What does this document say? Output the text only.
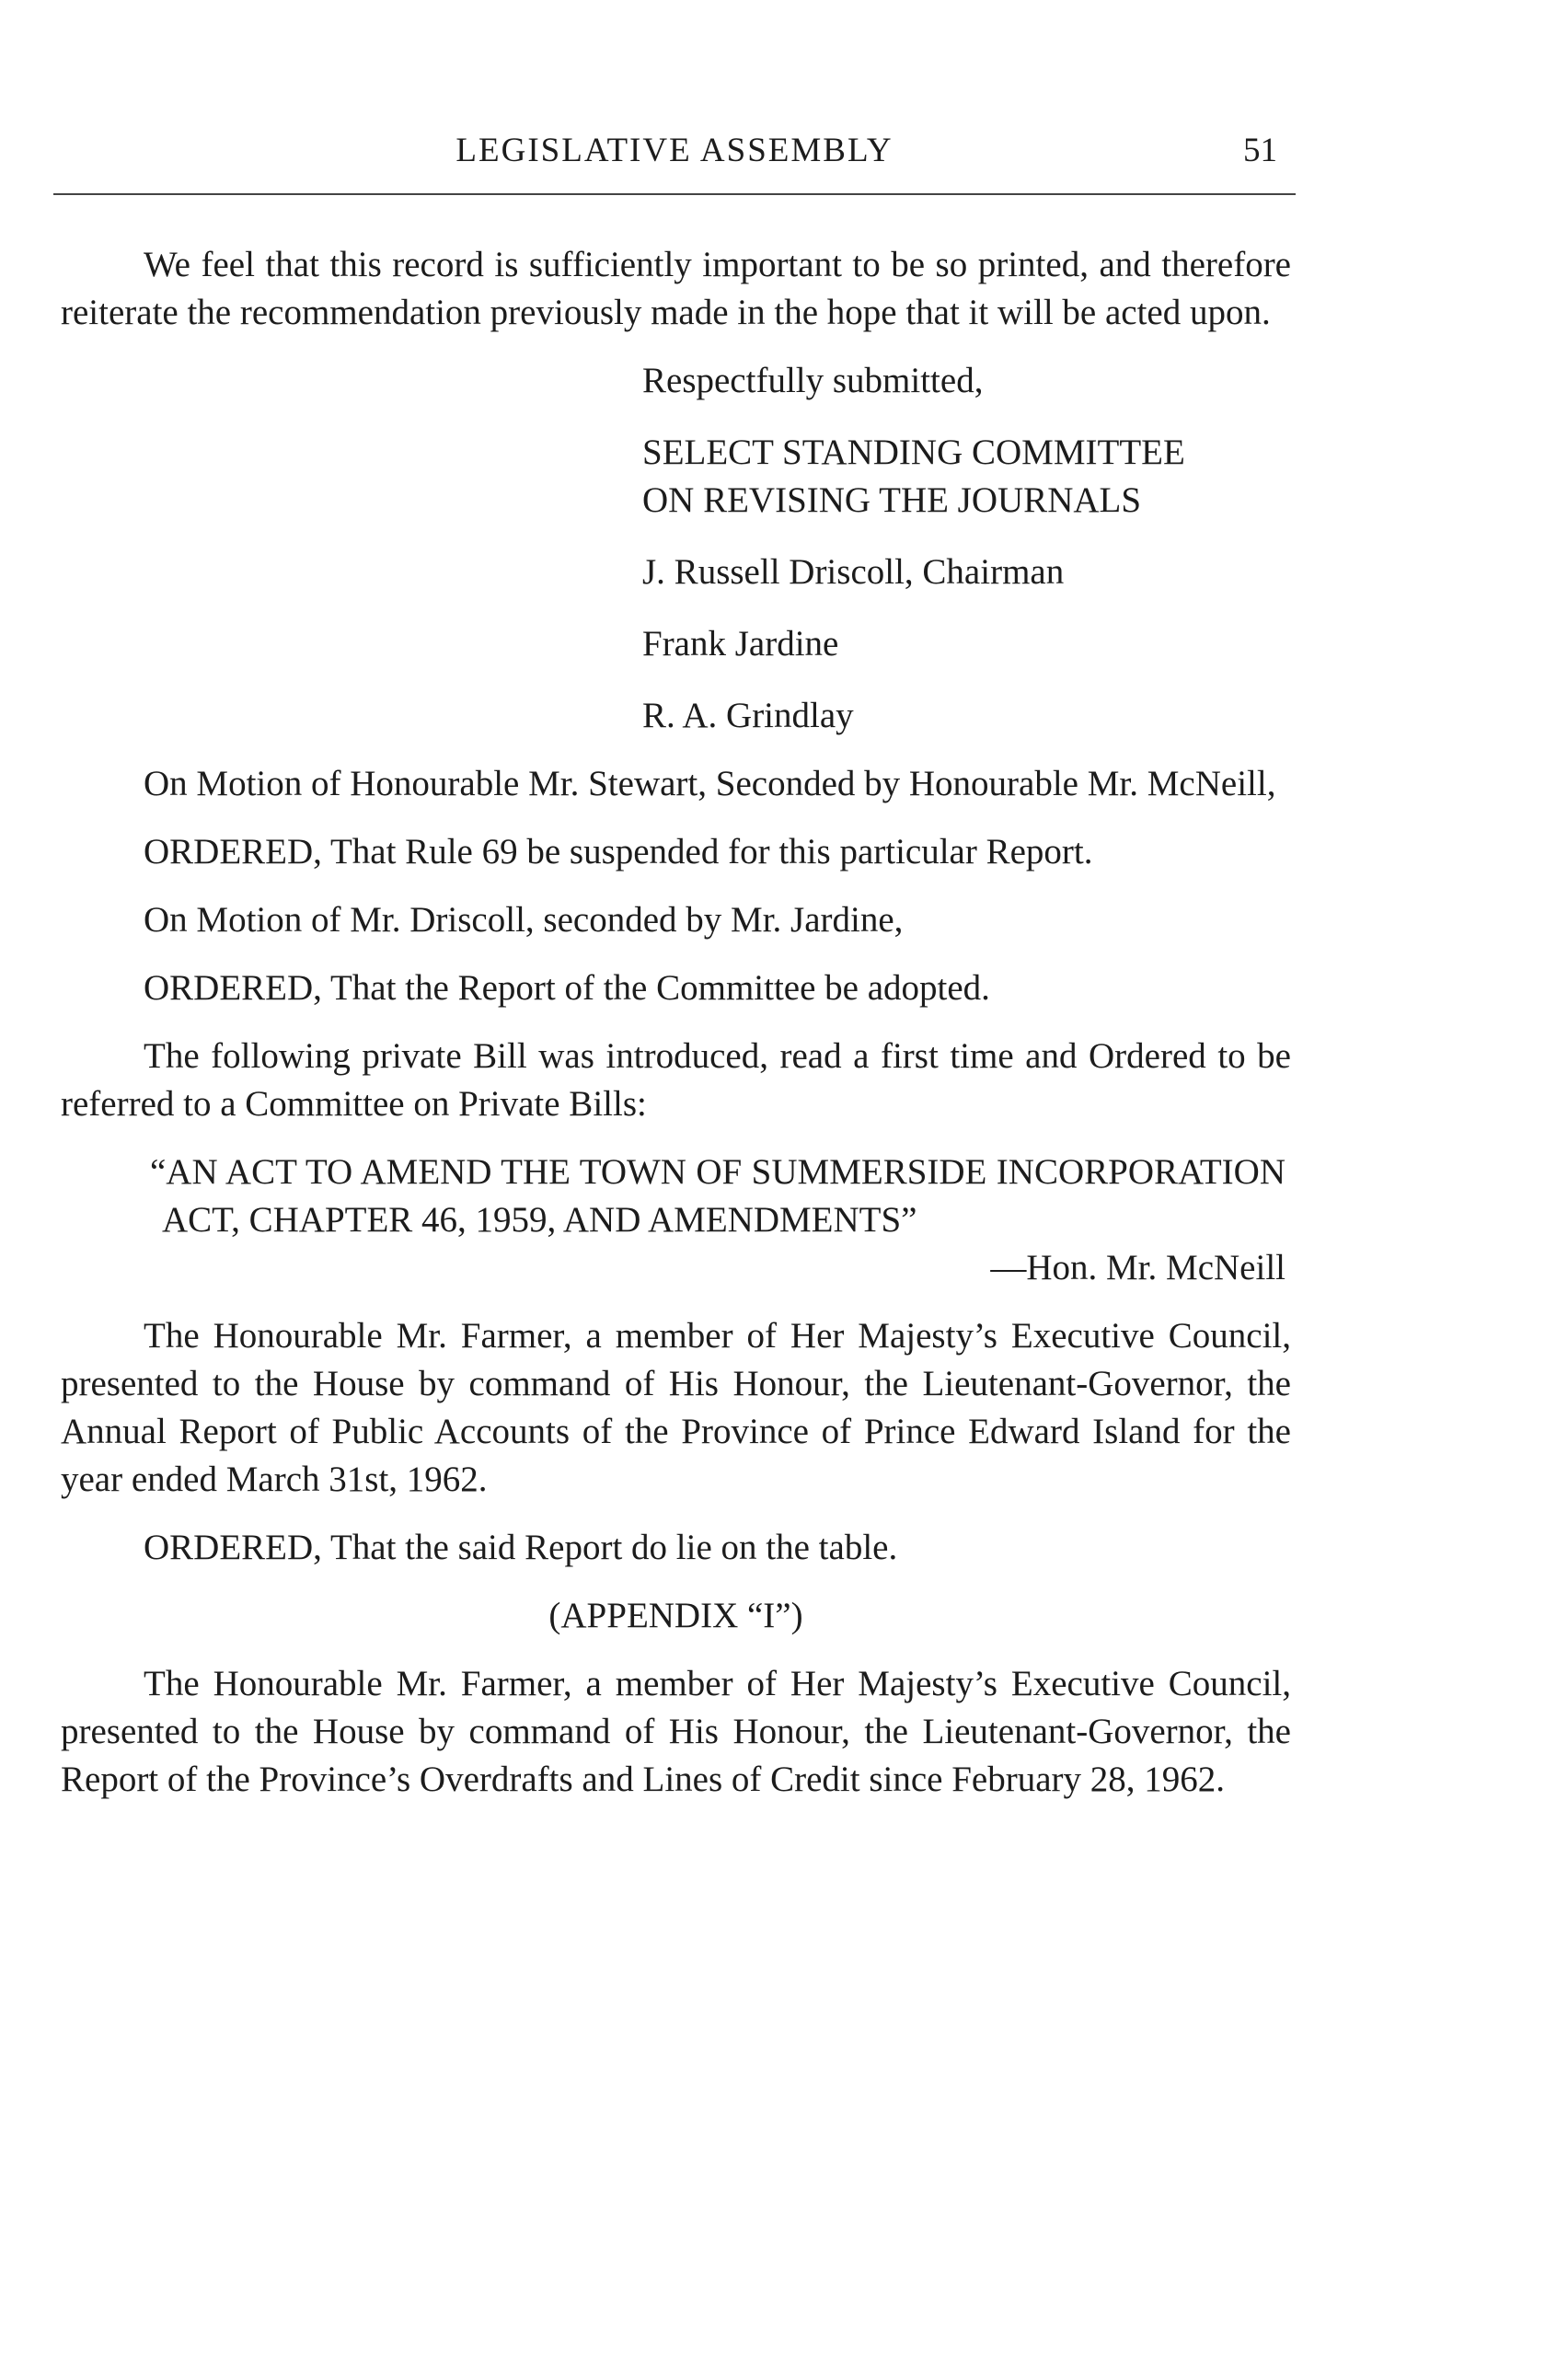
LEGISLATIVE ASSEMBLY	51

We feel that this record is sufficiently important to be so printed, and therefore reiterate the recommendation previously made in the hope that it will be acted upon.

Respectfully submitted,
SELECT STANDING COMMITTEE
ON REVISING THE JOURNALS
J. Russell Driscoll, Chairman
Frank Jardine
R. A. Grindlay

On Motion of Honourable Mr. Stewart, Seconded by Honourable Mr. McNeill,

ORDERED, That Rule 69 be suspended for this particular Report.

On Motion of Mr. Driscoll, seconded by Mr. Jardine,

ORDERED, That the Report of the Committee be adopted.

The following private Bill was introduced, read a first time and Ordered to be referred to a Committee on Private Bills:

“AN ACT TO AMEND THE TOWN OF SUMMERSIDE INCORPORATION ACT, CHAPTER 46, 1959, AND AMENDMENTS”

—Hon. Mr. McNeill

The Honourable Mr. Farmer, a member of Her Majesty’s Executive Council, presented to the House by command of His Honour, the Lieutenant-Governor, the Annual Report of Public Accounts of the Province of Prince Edward Island for the year ended March 31st, 1962.

ORDERED, That the said Report do lie on the table.

(APPENDIX “I”)

The Honourable Mr. Farmer, a member of Her Majesty’s Executive Council, presented to the House by command of His Honour, the Lieutenant-Governor, the Report of the Province’s Overdrafts and Lines of Credit since February 28, 1962.
